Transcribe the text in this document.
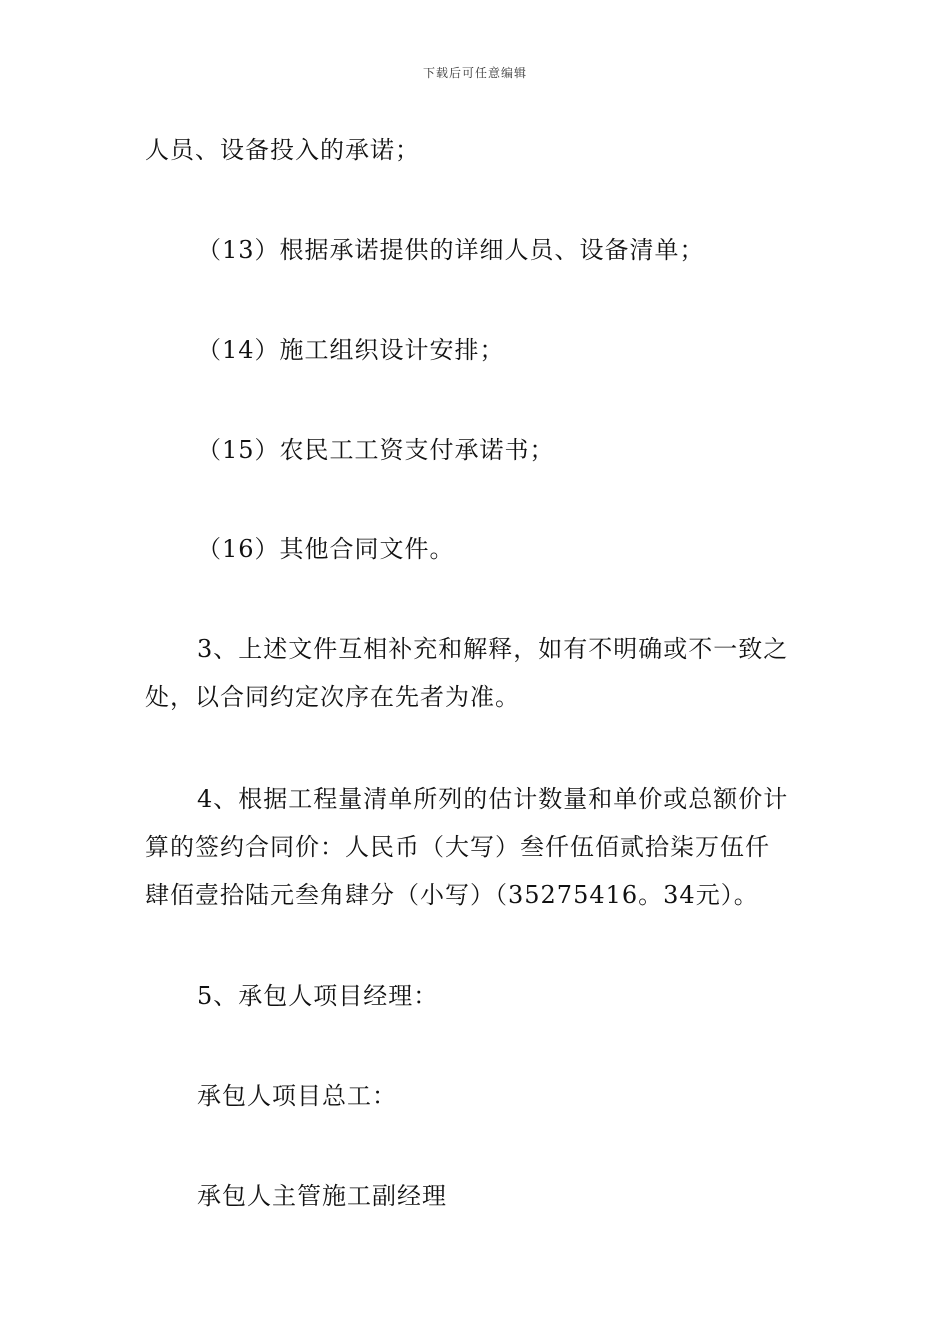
下载后可任意编辑
人员、设备投入的承诺；
（13）根据承诺提供的详细人员、设备清单；
（14）施工组织设计安排；
（15）农民工工资支付承诺书；
（16）其他合同文件。
3、上述文件互相补充和解释，如有不明确或不一致之
处，以合同约定次序在先者为准。
4、根据工程量清单所列的估计数量和单价或总额价计
算的签约合同价：人民币（大写）叁仟伍佰贰拾柒万伍仟
肆佰壹拾陆元叁角肆分（小写）（35275416。34元）。
5、承包人项目经理：
承包人项目总工：
承包人主管施工副经理
